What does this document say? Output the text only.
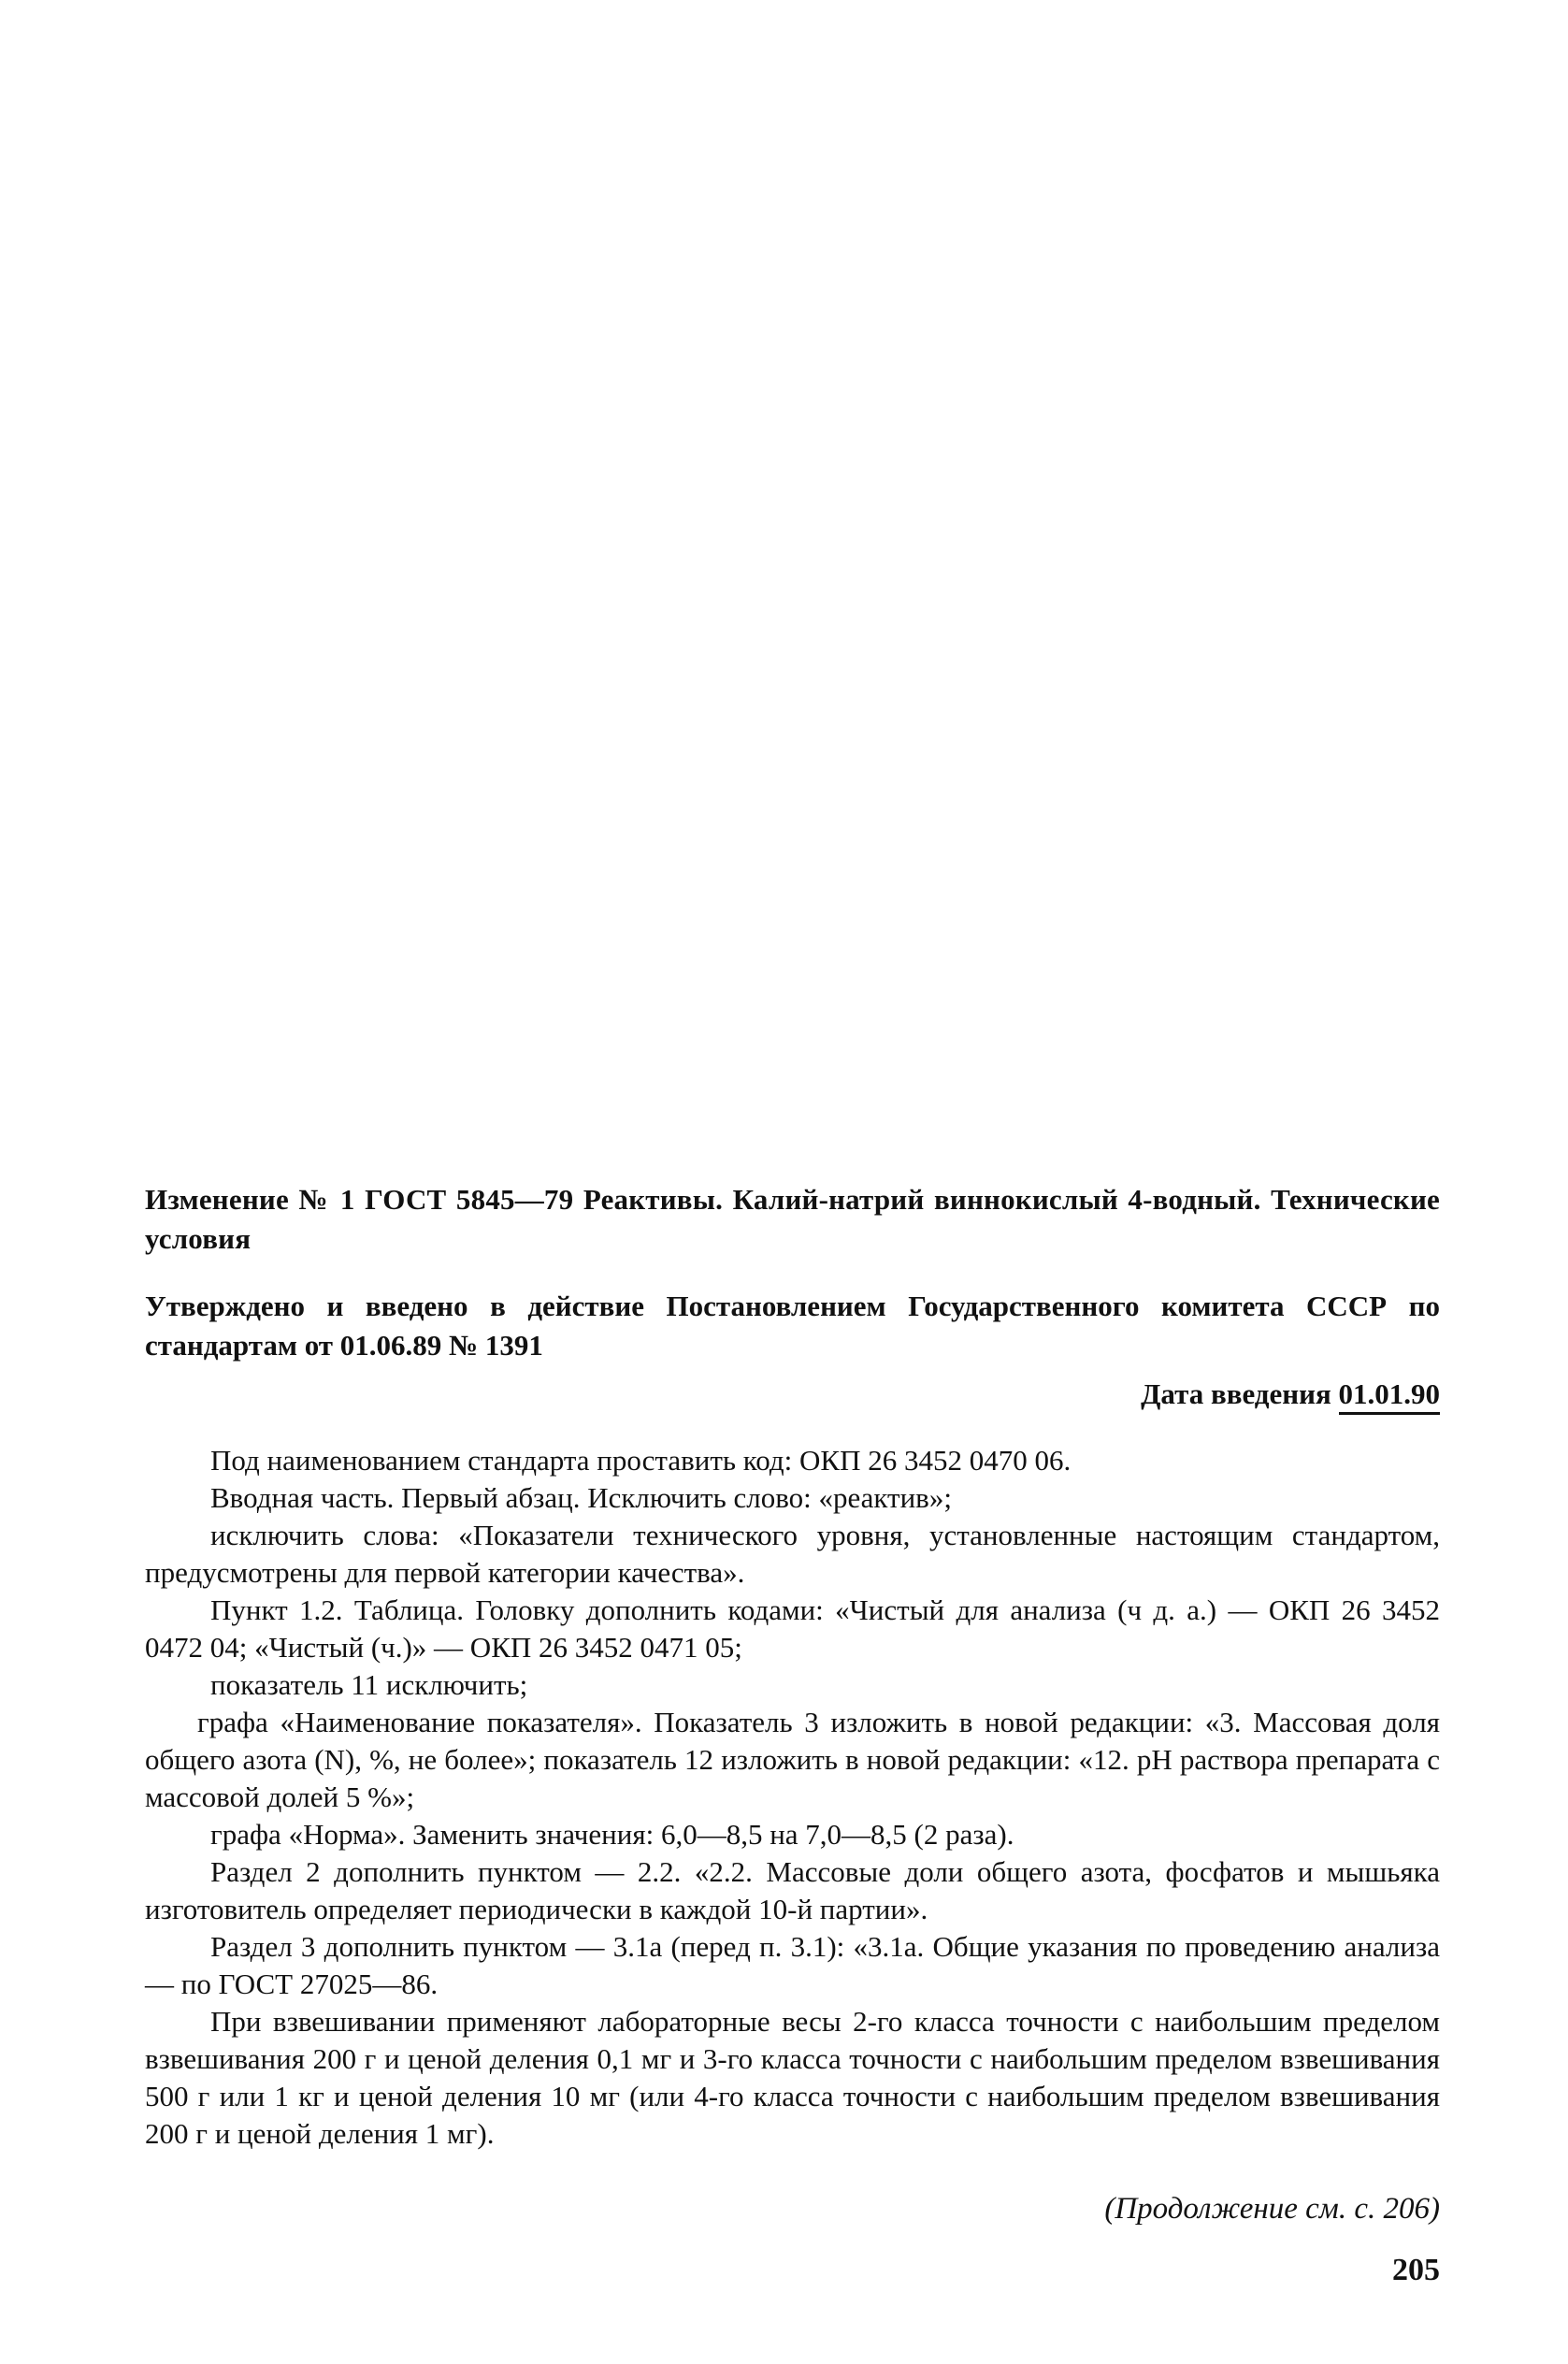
Изменение № 1 ГОСТ 5845—79 Реактивы. Калий-натрий виннокислый 4-водный. Технические условия
Утверждено и введено в действие Постановлением Государственного комитета СССР по стандартам от 01.06.89 № 1391
Дата введения 01.01.90

Под наименованием стандарта проставить код: ОКП 26 3452 0470 06.

Вводная часть. Первый абзац. Исключить слово: «реактив»;

исключить слова: «Показатели технического уровня, установленные настоящим стандартом, предусмотрены для первой категории качества».

Пункт 1.2. Таблица. Головку дополнить кодами: «Чистый для анализа (ч д. а.) — ОКП 26 3452 0472 04; «Чистый (ч.)» — ОКП 26 3452 0471 05;

показатель 11 исключить;

графа «Наименование показателя». Показатель 3 изложить в новой редакции: «3. Массовая доля общего азота (N), %, не более»; показатель 12 изложить в новой редакции: «12. pH раствора препарата с массовой долей 5 %»;

графа «Норма». Заменить значения: 6,0—8,5 на 7,0—8,5 (2 раза).

Раздел 2 дополнить пунктом — 2.2. «2.2. Массовые доли общего азота, фосфатов и мышьяка изготовитель определяет периодически в каждой 10-й партии».

Раздел 3 дополнить пунктом — 3.1a (перед п. 3.1): «3.1a. Общие указания по проведению анализа — по ГОСТ 27025—86.

При взвешивании применяют лабораторные весы 2-го класса точности с наибольшим пределом взвешивания 200 г и ценой деления 0,1 мг и 3-го класса точности с наибольшим пределом взвешивания 500 г или 1 кг и ценой деления 10 мг (или 4-го класса точности с наибольшим пределом взвешивания 200 г и ценой деления 1 мг).

(Продолжение см. с. 206)
205
